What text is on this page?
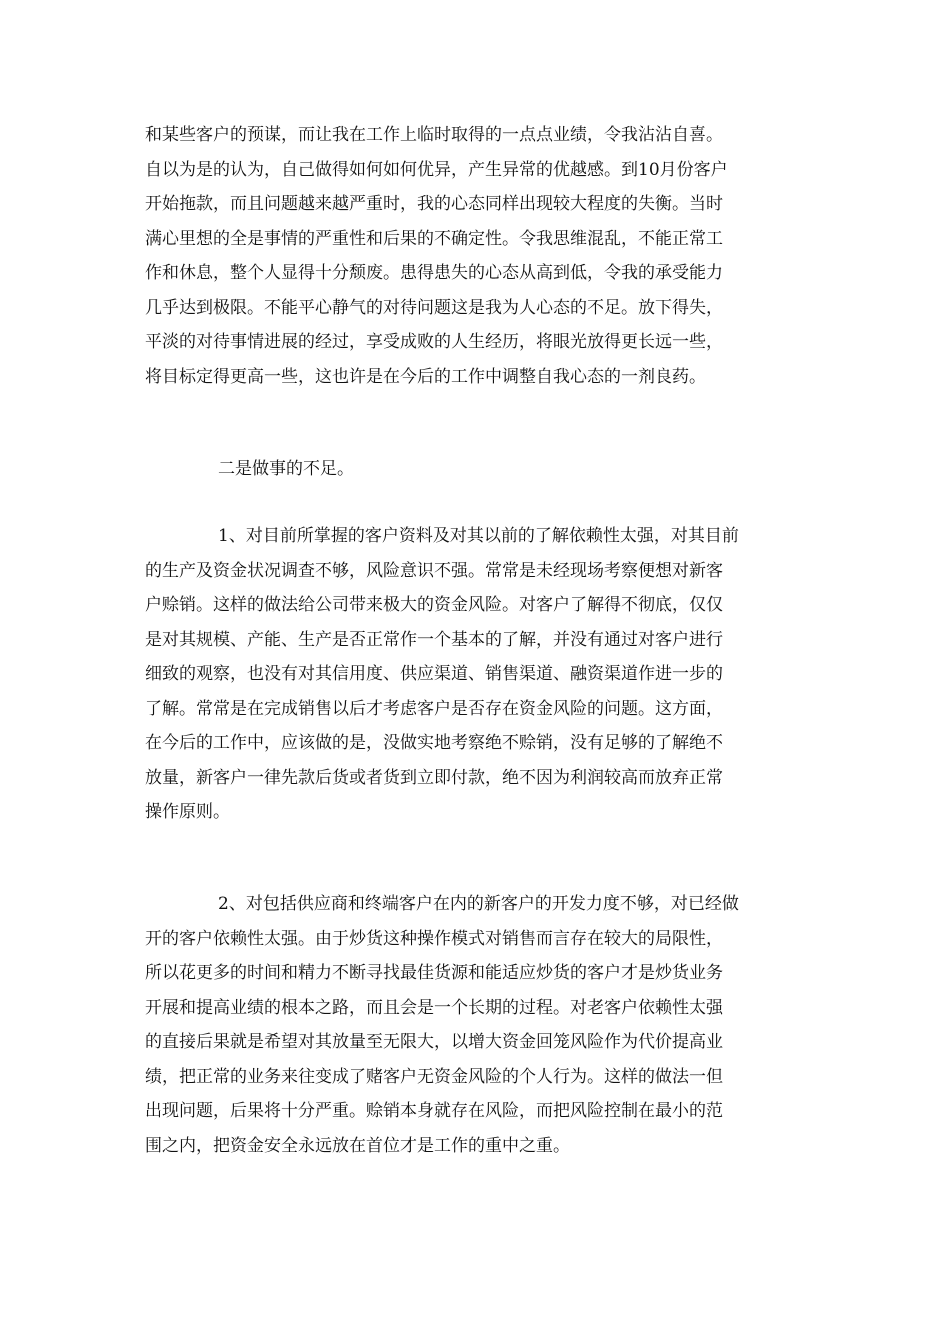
和某些客户的预谋，而让我在工作上临时取得的一点点业绩，令我沾沾自喜。
自以为是的认为，自己做得如何如何优异，产生异常的优越感。到10月份客户
开始拖款，而且问题越来越严重时，我的心态同样出现较大程度的失衡。当时
满心里想的全是事情的严重性和后果的不确定性。令我思维混乱，不能正常工
作和休息，整个人显得十分颓废。患得患失的心态从高到低，令我的承受能力
几乎达到极限。不能平心静气的对待问题这是我为人心态的不足。放下得失，
平淡的对待事情进展的经过，享受成败的人生经历，将眼光放得更长远一些，
将目标定得更高一些，这也许是在今后的工作中调整自我心态的一剂良药。
二是做事的不足。
1、对目前所掌握的客户资料及对其以前的了解依赖性太强，对其目前
的生产及资金状况调查不够，风险意识不强。常常是未经现场考察便想对新客
户赊销。这样的做法给公司带来极大的资金风险。对客户了解得不彻底，仅仅
是对其规模、产能、生产是否正常作一个基本的了解，并没有通过对客户进行
细致的观察，也没有对其信用度、供应渠道、销售渠道、融资渠道作进一步的
了解。常常是在完成销售以后才考虑客户是否存在资金风险的问题。这方面，
在今后的工作中，应该做的是，没做实地考察绝不赊销，没有足够的了解绝不
放量，新客户一律先款后货或者货到立即付款，绝不因为利润较高而放弃正常
操作原则。
2、对包括供应商和终端客户在内的新客户的开发力度不够，对已经做
开的客户依赖性太强。由于炒货这种操作模式对销售而言存在较大的局限性，
所以花更多的时间和精力不断寻找最佳货源和能适应炒货的客户才是炒货业务
开展和提高业绩的根本之路，而且会是一个长期的过程。对老客户依赖性太强
的直接后果就是希望对其放量至无限大，以增大资金回笼风险作为代价提高业
绩，把正常的业务来往变成了赌客户无资金风险的个人行为。这样的做法一但
出现问题，后果将十分严重。赊销本身就存在风险，而把风险控制在最小的范
围之内，把资金安全永远放在首位才是工作的重中之重。
